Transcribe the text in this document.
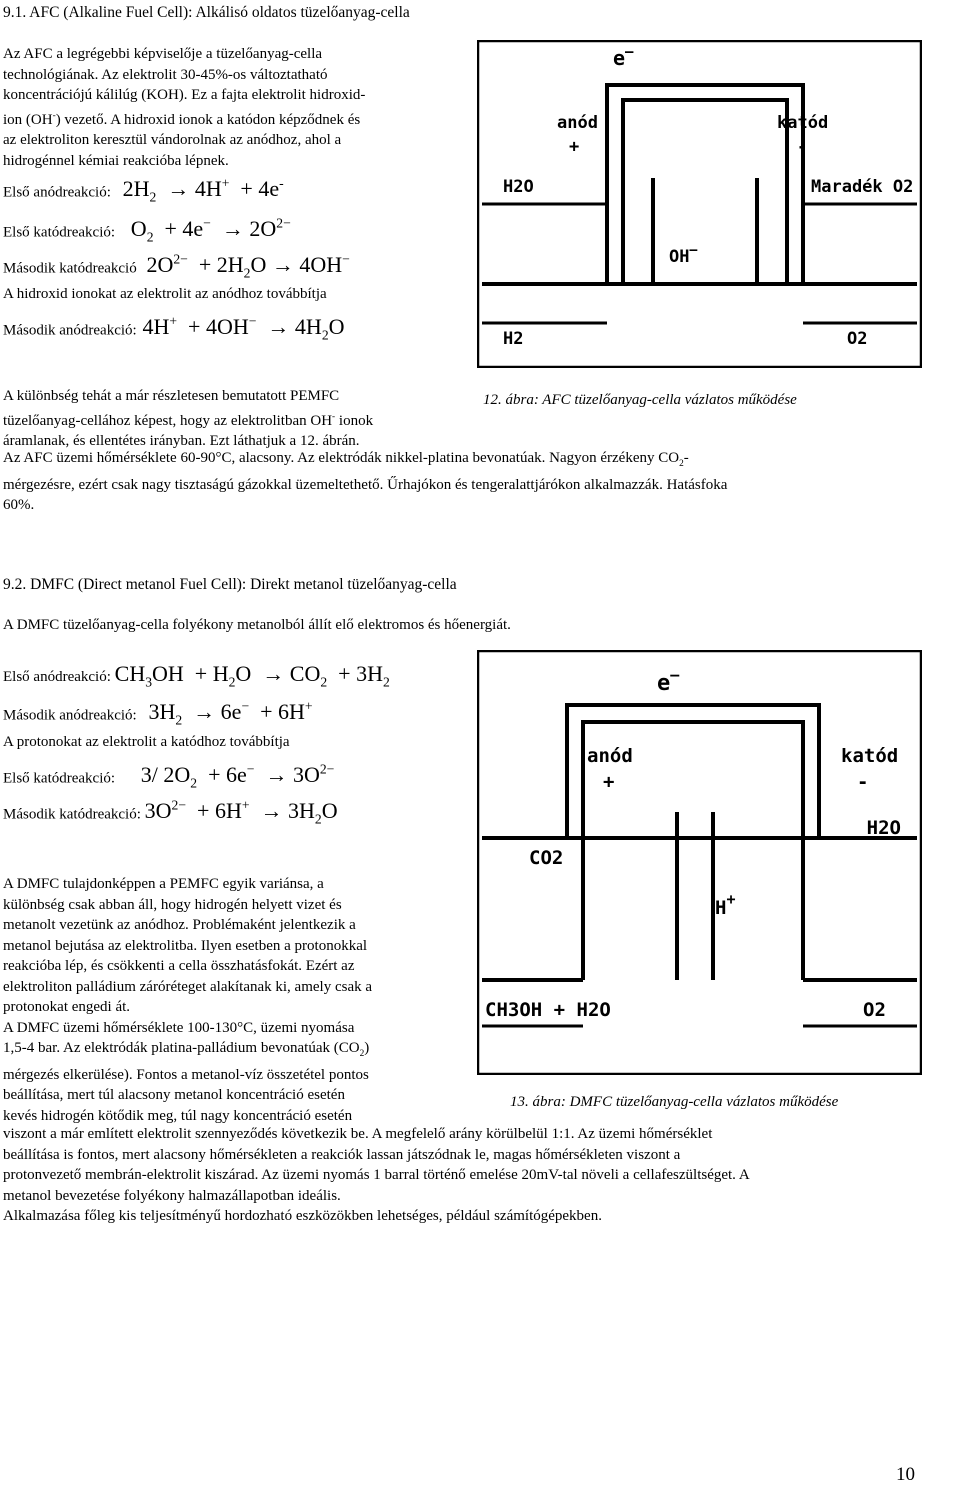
9.1. AFC (Alkaline Fuel Cell): Alkálisó oldatos tüzelőanyag-cella

Az AFC a legrégebbi képviselője a tüzelőanyag-cella

technológiának. Az elektrolit 30-45%-os változtatható

koncentrációjú kálilúg (KOH). Ez a fajta elektrolit hidroxid-

ion (OH-) vezető. A hidroxid ionok a katódon képződnek és

az elektroliton keresztül vándorolnak az anódhoz, ahol a

hidrogénnel kémiai reakcióba lépnek.

Első anódreakció: $2H_2 \to 4H^+ + 4e^-$
Első katódreakció: $O_2 + 4e^- \to 2O^{2-}$
Második katódreakció $2O^{2-} + 2H_2O \to 4OH^-$
A hidroxid ionokat az elektrolit az anódhoz továbbítja
Második anódreakció: $4H^+ + 4OH^- \to 4H_2O$
e—
anód
+
katód
-
H2O	Maradék O2
OH—
H2	O2
12. ábra: AFC tüzelőanyag-cella vázlatos működése

A különbség tehát a már részletesen bemutatott PEMFC

tüzelőanyag-cellához képest, hogy az elektrolitban OH- ionok

áramlanak, és ellentétes irányban. Ezt láthatjuk a 12. ábrán.

Az AFC üzemi hőmérséklete 60-90°C, alacsony. Az elektródák nikkel-platina bevonatúak. Nagyon érzékeny $CO_2-$

mérgezésre, ezért csak nagy tisztaságú gázokkal üzemeltethető. Űrhajókon és tengeralattjárókon alkalmazzák. Hatásfoka

60%.

9.2. DMFC (Direct metanol Fuel Cell): Direkt metanol tüzelőanyag-cella
A DMFC tüzelőanyag-cella folyékony metanolból állít elő elektromos és hőenergiát.
Első anódreakció: $CH_3OH + H_2O \to CO_2 + 3H_2$
Második anódreakció: $3H_2 \to 6e^- + 6H^+$
A protonokat az elektrolit a katódhoz továbbítja
Első katódreakció: 3/ $2O_2 + 6e^- \to 3O^{2-}$
Második katódreakció: $3O^{2-} + 6H^+ \to 3H_2O$
e—
anód
+
katód
-
CO2
H2O
H+
CH3OH + H2O	O2
13. ábra: DMFC tüzelőanyag-cella vázlatos működése

A DMFC tulajdonképpen a PEMFC egyik variánsa, a

különbség csak abban áll, hogy hidrogén helyett vizet és

metanolt vezetünk az anódhoz. Problémaként jelentkezik a

metanol bejutása az elektrolitba. Ilyen esetben a protonokkal

reakcióba lép, és csökkenti a cella összhatásfokát. Ezért az

elektroliton palládium záróréteget alakítanak ki, amely csak a

protonokat engedi át.

A DMFC üzemi hőmérséklete 100-130°C, üzemi nyomása

1,5-4 bar. Az elektródák platina-palládium bevonatúak $(CO_2)$

mérgezés elkerülése). Fontos a metanol-víz összetétel pontos

beállítása, mert túl alacsony metanol koncentráció esetén

kevés hidrogén kötődik meg, túl nagy koncentráció esetén

viszont a már említett elektrolit szennyeződés következik be. A megfelelő arány körülbelül 1:1. Az üzemi hőmérséklet

beállítása is fontos, mert alacsony hőmérsékleten a reakciók lassan játszódnak le, magas hőmérsékleten viszont a

protonvezető membrán-elektrolit kiszárad. Az üzemi nyomás 1 barral történő emelése 20mV-tal növeli a cellafeszültséget. A

metanol bevezetése folyékony halmazállapotban ideális.

Alkalmazása főleg kis teljesítményű hordozható eszközökben lehetséges, például számítógépekben.

10
